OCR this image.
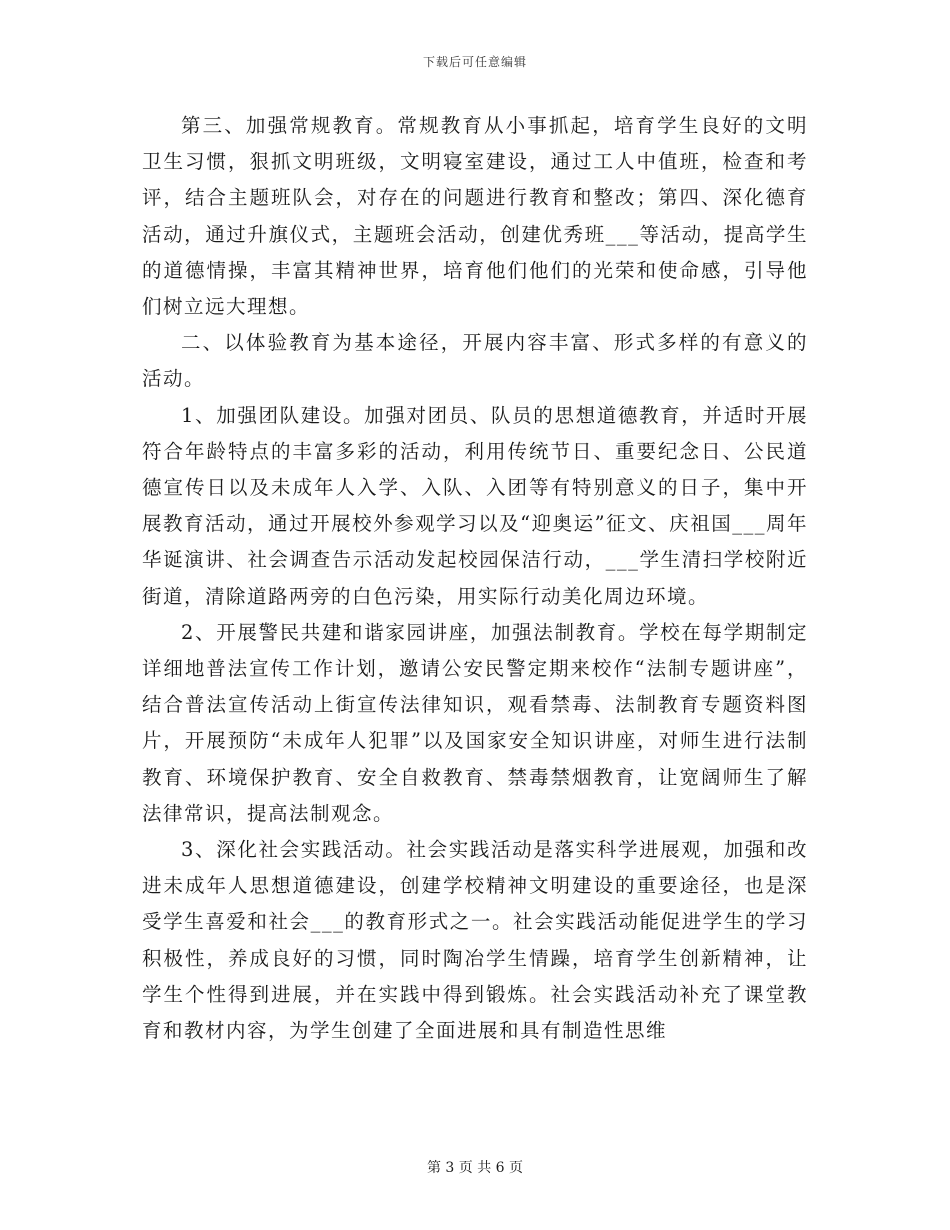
下载后可任意编辑

第三、加强常规教育。常规教育从小事抓起，培育学生良好的文明卫生习惯，狠抓文明班级，文明寝室建设，通过工人中值班，检查和考评，结合主题班队会，对存在的问题进行教育和整改；第四、深化德育活动，通过升旗仪式，主题班会活动，创建优秀班___等活动，提高学生的道德情操，丰富其精神世界，培育他们他们的光荣和使命感，引导他们树立远大理想。

二、以体验教育为基本途径，开展内容丰富、形式多样的有意义的活动。

1、加强团队建设。加强对团员、队员的思想道德教育，并适时开展符合年龄特点的丰富多彩的活动，利用传统节日、重要纪念日、公民道德宣传日以及未成年人入学、入队、入团等有特别意义的日子，集中开展教育活动，通过开展校外参观学习以及“迎奥运”征文、庆祖国___周年华诞演讲、社会调查告示活动发起校园保洁行动，___学生清扫学校附近街道，清除道路两旁的白色污染，用实际行动美化周边环境。

2、开展警民共建和谐家园讲座，加强法制教育。学校在每学期制定详细地普法宣传工作计划，邀请公安民警定期来校作“法制专题讲座”，结合普法宣传活动上街宣传法律知识，观看禁毒、法制教育专题资料图片，开展预防“未成年人犯罪”以及国家安全知识讲座，对师生进行法制教育、环境保护教育、安全自救教育、禁毒禁烟教育，让宽阔师生了解法律常识，提高法制观念。

3、深化社会实践活动。社会实践活动是落实科学进展观，加强和改进未成年人思想道德建设，创建学校精神文明建设的重要途径，也是深受学生喜爱和社会___的教育形式之一。社会实践活动能促进学生的学习积极性，养成良好的习惯，同时陶冶学生情躁，培育学生创新精神，让学生个性得到进展，并在实践中得到锻炼。社会实践活动补充了课堂教育和教材内容，为学生创建了全面进展和具有制造性思维

第 3 页 共 6 页
